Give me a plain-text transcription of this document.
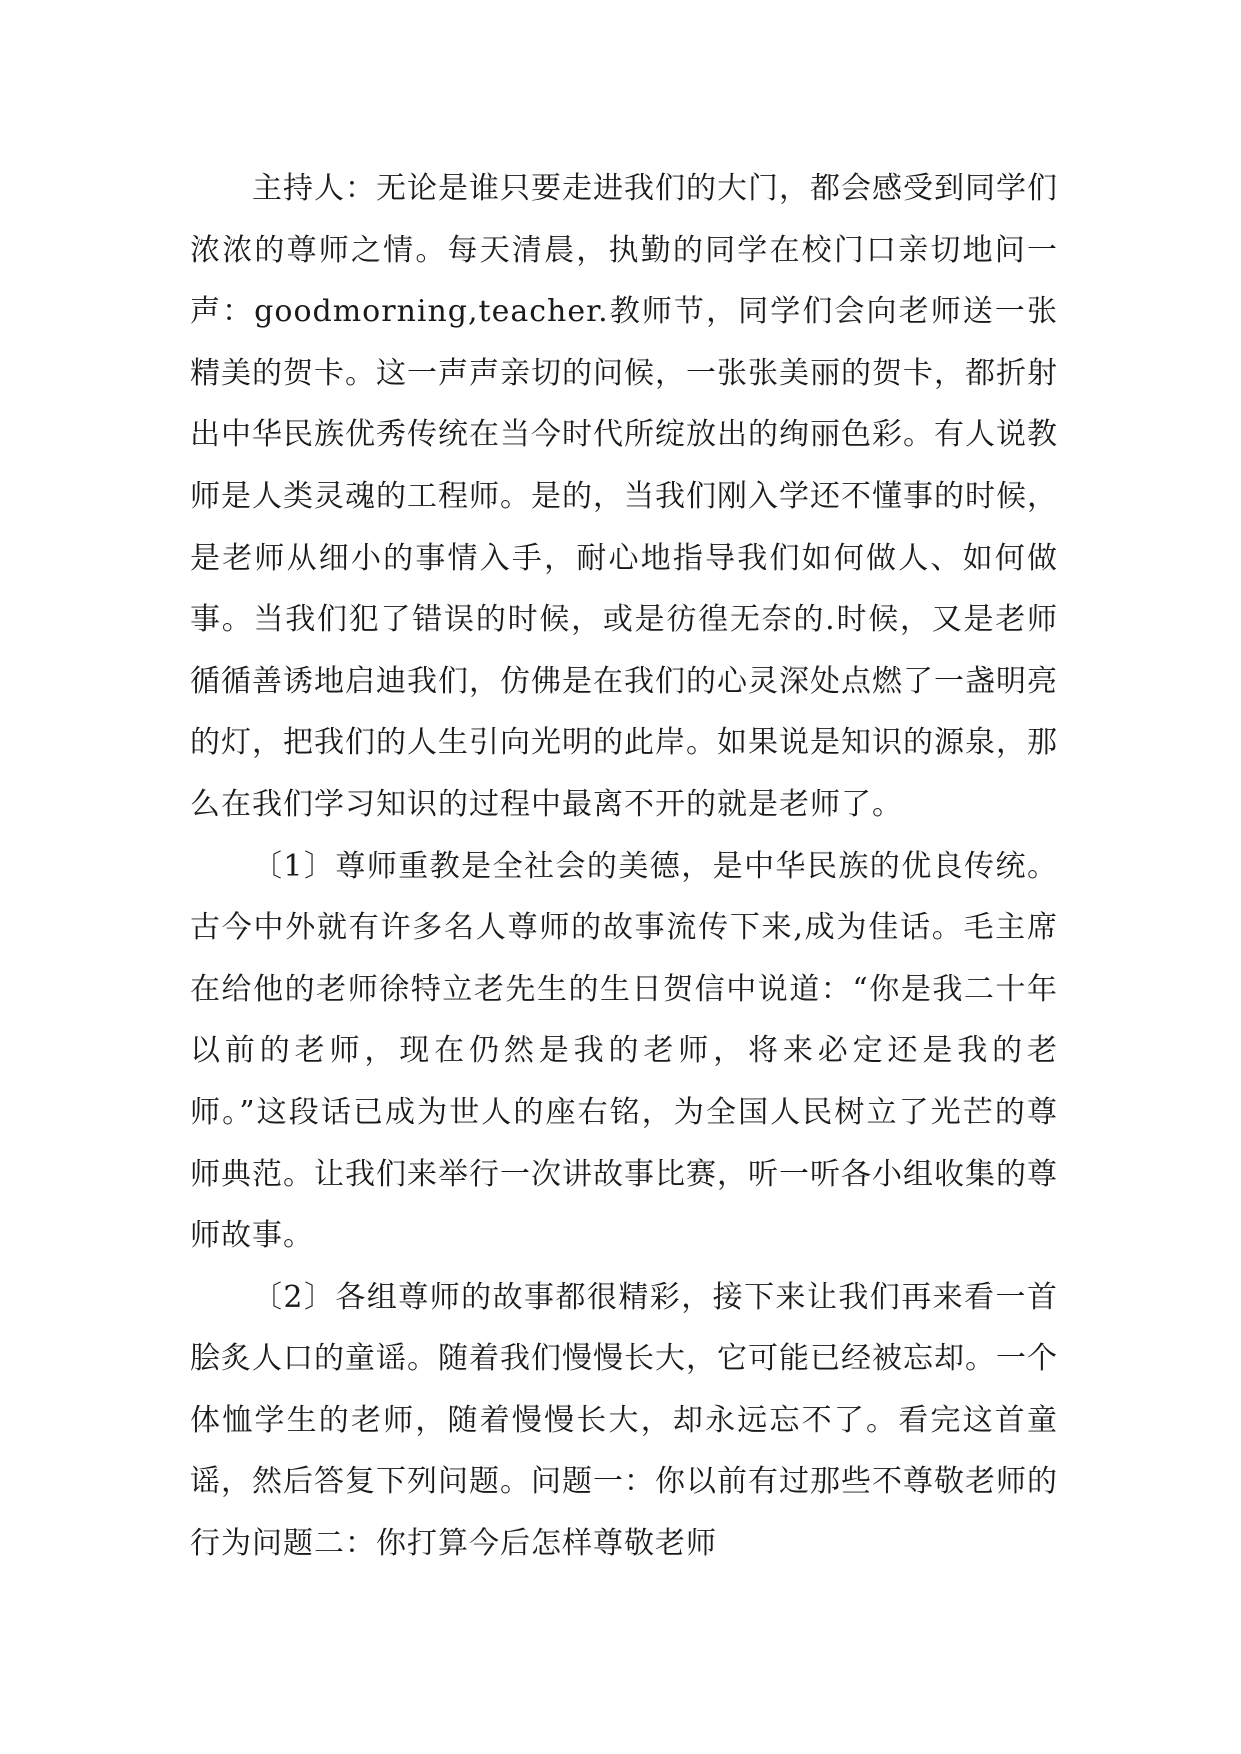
主持人：无论是谁只要走进我们的大门，都会感受到同学们浓浓的尊师之情。每天清晨，执勤的同学在校门口亲切地问一声：goodmorning,teacher.教师节，同学们会向老师送一张精美的贺卡。这一声声亲切的问候，一张张美丽的贺卡，都折射出中华民族优秀传统在当今时代所绽放出的绚丽色彩。有人说教师是人类灵魂的工程师。是的，当我们刚入学还不懂事的时候，是老师从细小的事情入手，耐心地指导我们如何做人、如何做事。当我们犯了错误的时候，或是彷徨无奈的.时候，又是老师循循善诱地启迪我们，仿佛是在我们的心灵深处点燃了一盏明亮的灯，把我们的人生引向光明的此岸。如果说是知识的源泉，那么在我们学习知识的过程中最离不开的就是老师了。

〔1〕尊师重教是全社会的美德，是中华民族的优良传统。古今中外就有许多名人尊师的故事流传下来,成为佳话。毛主席在给他的老师徐特立老先生的生日贺信中说道：“你是我二十年以前的老师，现在仍然是我的老师，将来必定还是我的老师。”这段话已成为世人的座右铭，为全国人民树立了光芒的尊师典范。让我们来举行一次讲故事比赛，听一听各小组收集的尊师故事。

〔2〕各组尊师的故事都很精彩，接下来让我们再来看一首脍炙人口的童谣。随着我们慢慢长大，它可能已经被忘却。一个体恤学生的老师，随着慢慢长大，却永远忘不了。看完这首童谣，然后答复下列问题。问题一：你以前有过那些不尊敬老师的行为问题二：你打算今后怎样尊敬老师
